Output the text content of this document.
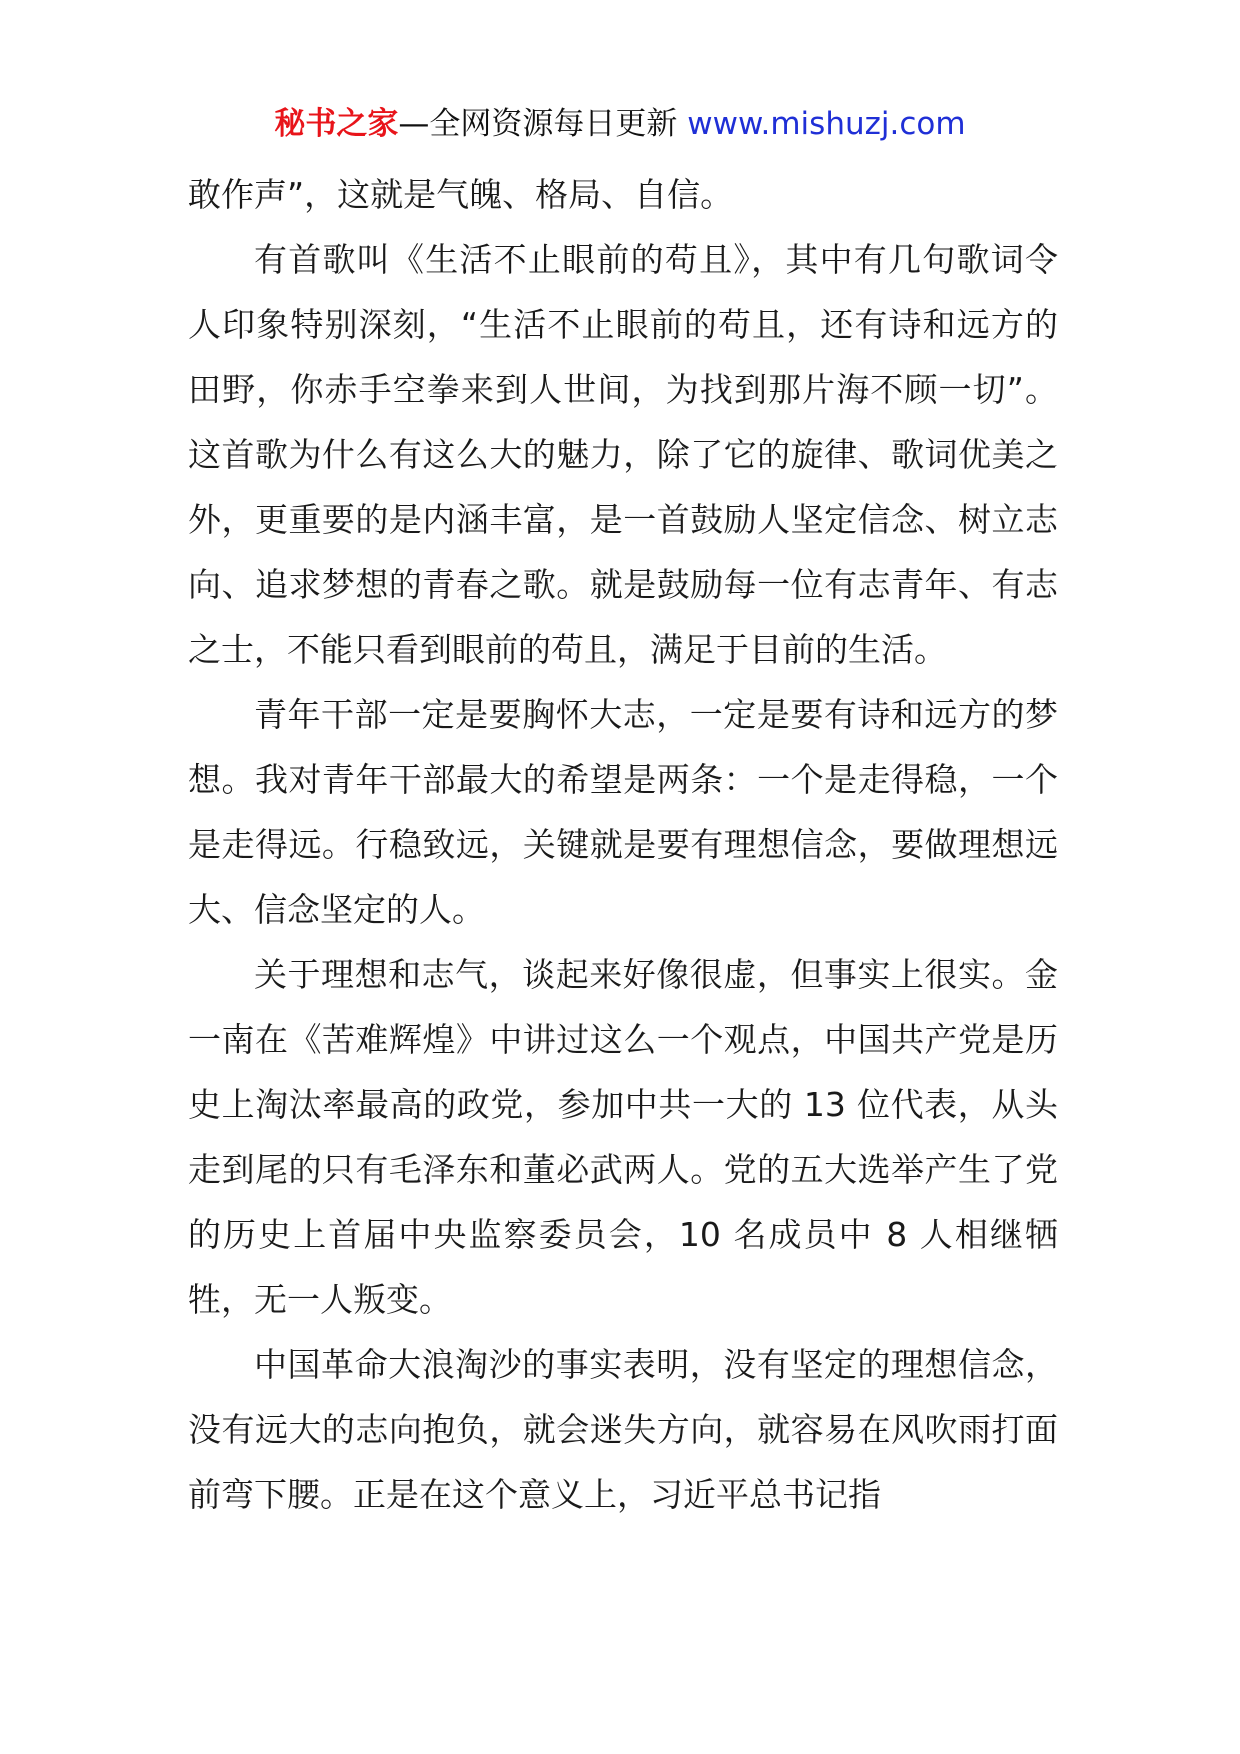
秘书之家—全网资源每日更新 www.mishuzj.com

敢作声”，这就是气魄、格局、自信。

有首歌叫《生活不止眼前的苟且》，其中有几句歌词令人印象特别深刻，“生活不止眼前的苟且，还有诗和远方的田野，你赤手空拳来到人世间，为找到那片海不顾一切”。这首歌为什么有这么大的魅力，除了它的旋律、歌词优美之外，更重要的是内涵丰富，是一首鼓励人坚定信念、树立志向、追求梦想的青春之歌。就是鼓励每一位有志青年、有志之士，不能只看到眼前的苟且，满足于目前的生活。

青年干部一定是要胸怀大志，一定是要有诗和远方的梦想。我对青年干部最大的希望是两条：一个是走得稳，一个是走得远。行稳致远，关键就是要有理想信念，要做理想远大、信念坚定的人。

关于理想和志气，谈起来好像很虚，但事实上很实。金一南在《苦难辉煌》中讲过这么一个观点，中国共产党是历史上淘汰率最高的政党，参加中共一大的 13 位代表，从头走到尾的只有毛泽东和董必武两人。党的五大选举产生了党的历史上首届中央监察委员会，10 名成员中 8 人相继牺牲，无一人叛变。

中国革命大浪淘沙的事实表明，没有坚定的理想信念，没有远大的志向抱负，就会迷失方向，就容易在风吹雨打面前弯下腰。正是在这个意义上，习近平总书记指
